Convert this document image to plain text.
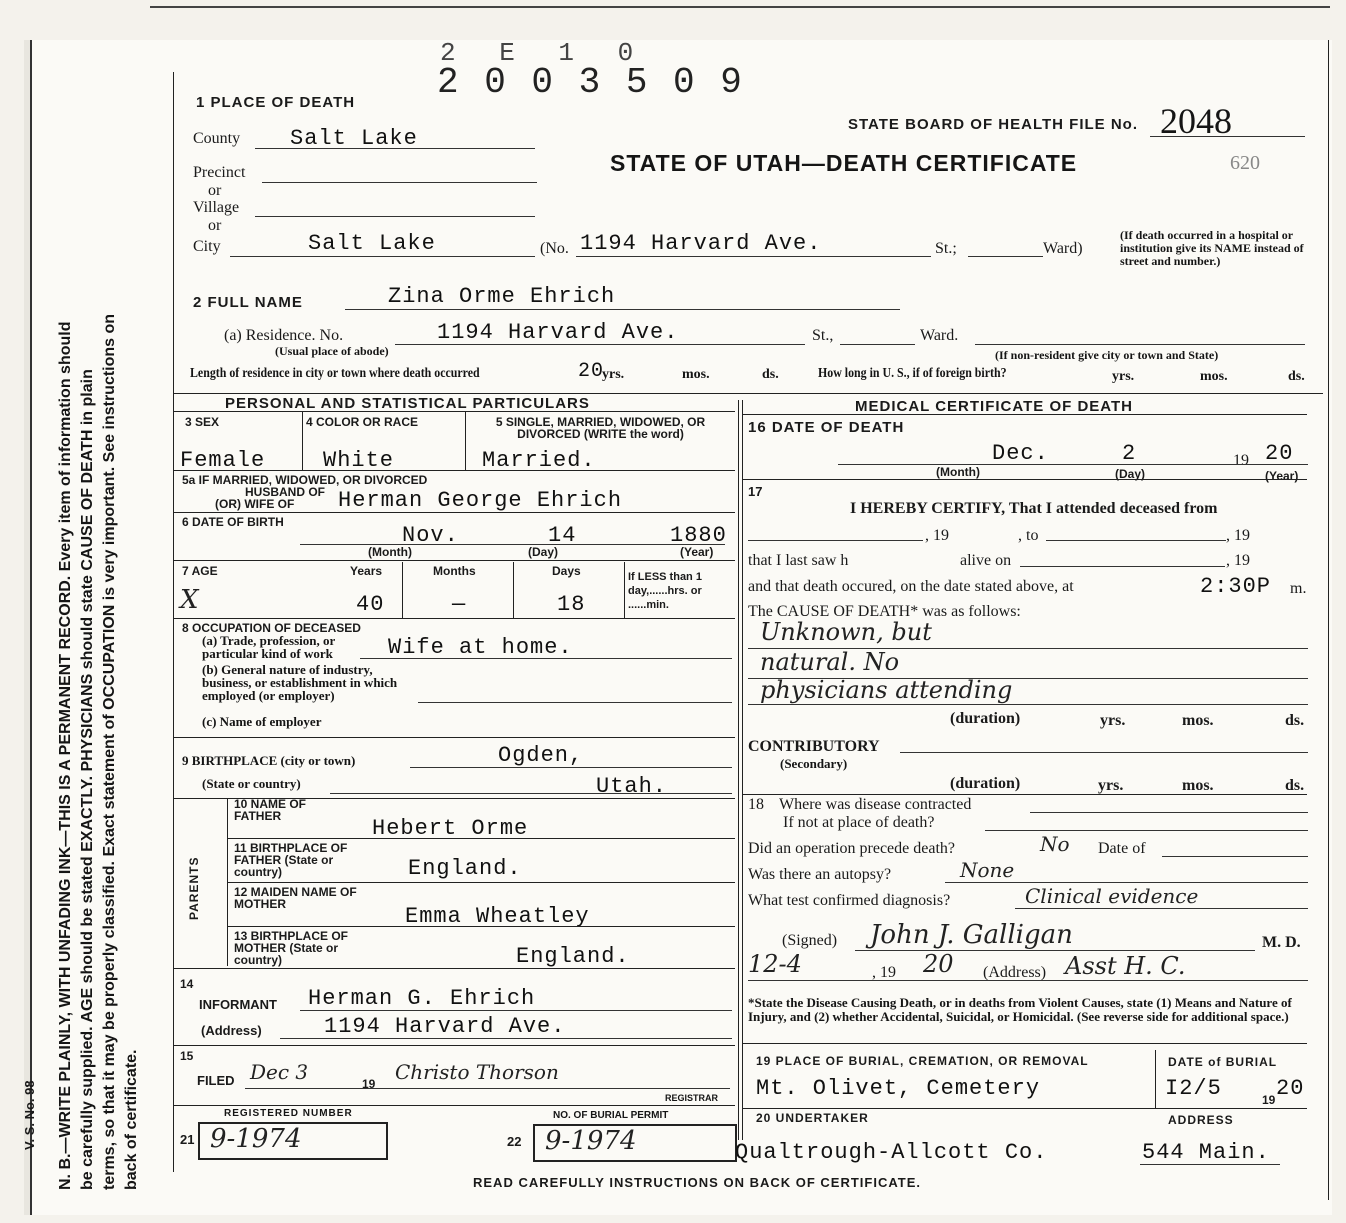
N. B.—WRITE PLAINLY, WITH UNFADING INK—THIS IS A PERMANENT RECORD. Every item of information should be carefully supplied. AGE should be stated EXACTLY. PHYSICIANS should state CAUSE OF DEATH in plain terms, so that it may be properly classified. Exact statement of OCCUPATION is very important. See instructions on back of certificate.
V. S. No. 98
2 E 1 0
2 0 0 3 5 0 9
STATE BOARD OF HEALTH FILE No. 2048
STATE OF UTAH—DEATH CERTIFICATE	620
1 PLACE OF DEATH
County Salt Lake
Precinct
or
Village
or
City	Salt Lake	(No. 1194 Harvard Ave.	St.;	Ward)
(If death occurred in a hospital or institution give its NAME instead of street and number.)
2 FULL NAME	Zina Orme Ehrich
(a) Residence. No.	1194 Harvard Ave.	St.,	Ward.
(Usual place of abode)	(If non-resident give city or town and State)
Length of residence in city or town where death occurred	20
yrs.	mos.	ds.	How long in U. S., if of foreign birth?	yrs.	mos.	ds.
PERSONAL AND STATISTICAL PARTICULARS
3 SEX
Female
4 COLOR OR RACE
White
5 SINGLE, MARRIED, WIDOWED, OR DIVORCED (WRITE the word)
Married.
5a IF MARRIED, WIDOWED, OR DIVORCED
HUSBAND OF
(OR) WIFE OF Herman George Ehrich
6 DATE OF BIRTH
Nov.	14	1880
(Month)	(Day)	(Year)
7 AGE
X
Years
40
Months
—
Days
18
If LESS than 1 day,......hrs. or ......min.
8 OCCUPATION OF DECEASED
(a) Trade, profession, or particular kind of work	Wife at home.
(b) General nature of industry, business, or establishment in which employed (or employer)
(c) Name of employer
9 BIRTHPLACE (city or town)	Ogden,
(State or country)	Utah.
PARENTS
10 NAME OF FATHER	Hebert Orme
11 BIRTHPLACE OF FATHER (State or country)	England.
12 MAIDEN NAME OF MOTHER	Emma Wheatley
13 BIRTHPLACE OF MOTHER (State or country)	England.
14
INFORMANT Herman G. Ehrich
(Address)	1194 Harvard Ave.
15
FILED Dec 3	19 Christo Thorson
REGISTRAR
REGISTERED NUMBER
21 9-1974
NO. OF BURIAL PERMIT
22 9-1974
MEDICAL CERTIFICATE OF DEATH
16 DATE OF DEATH
Dec.	2	19 20
(Month)	(Day)	(Year)
17
I HEREBY CERTIFY, That I attended deceased from
, 19	, to	, 19
that I last saw h	alive on	, 19
and that death occured, on the date stated above, at	2:30P m.
The CAUSE OF DEATH* was as follows:
Unknown, but
natural. No
physicians attending
(duration)	yrs.	mos.	ds.
CONTRIBUTORY
(Secondary)
(duration)	yrs.	mos.	ds.
18 Where was disease contracted
If not at place of death?
Did an operation precede death?	No Date of
Was there an autopsy?	None
What test confirmed diagnosis?	Clinical evidence
(Signed) John J. Galligan	M. D.
12-4	, 19 20 (Address) Asst H. C.
*State the Disease Causing Death, or in deaths from Violent Causes, state (1) Means and Nature of Injury, and (2) whether Accidental, Suicidal, or Homicidal. (See reverse side for additional space.)
19 PLACE OF BURIAL, CREMATION, OR REMOVAL
Mt. Olivet, Cemetery
DATE of BURIAL
I2/5	19 20
20 UNDERTAKER
Qualtrough-Allcott Co.
ADDRESS
544 Main.
READ CAREFULLY INSTRUCTIONS ON BACK OF CERTIFICATE.
